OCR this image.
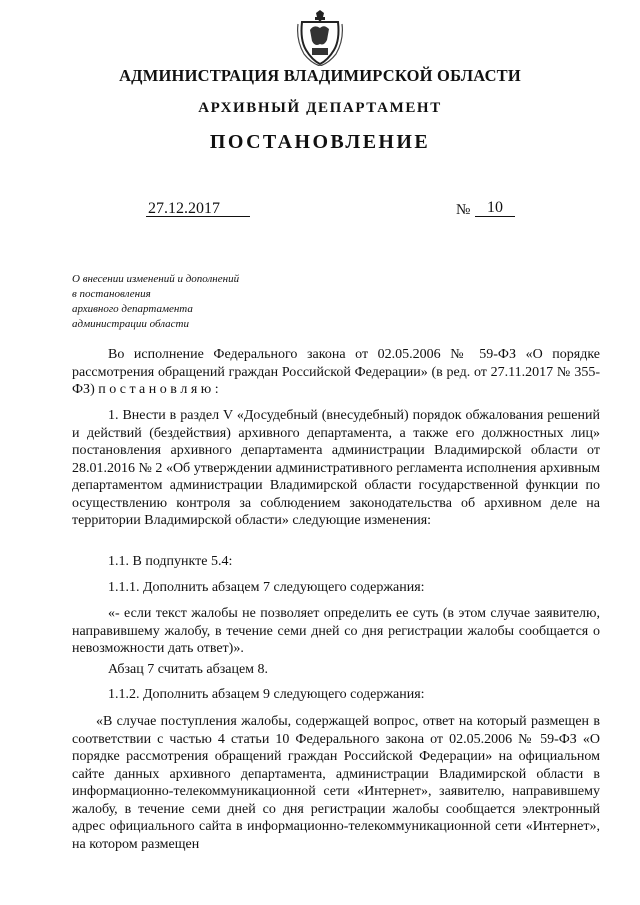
АДМИНИСТРАЦИЯ ВЛАДИМИРСКОЙ ОБЛАСТИ
АРХИВНЫЙ ДЕПАРТАМЕНТ
ПОСТАНОВЛЕНИЕ
27.12.2017	№	10
О внесении изменений и дополнений
в постановления
архивного департамента
администрации области

Во исполнение Федерального закона от 02.05.2006 № 59-ФЗ «О порядке рассмотрения обращений граждан Российской Федерации» (в ред. от 27.11.2017 № 355-ФЗ) п о с т а н о в л я ю :

1. Внести в раздел V «Досудебный (внесудебный) порядок обжалования решений и действий (бездействия) архивного департамента, а также его должностных лиц» постановления архивного департамента администрации Владимирской области от 28.01.2016 № 2 «Об утверждении административного регламента исполнения архивным департаментом администрации Владимирской области государственной функции по осуществлению контроля за соблюдением законодательства об архивном деле на территории Владимирской области» следующие изменения:

1.1. В подпункте 5.4:
1.1.1. Дополнить абзацем 7 следующего содержания:

«- если текст жалобы не позволяет определить ее суть (в этом случае заявителю, направившему жалобу, в течение семи дней со дня регистрации жалобы сообщается о невозможности дать ответ)».

Абзац 7 считать абзацем 8.
1.1.2. Дополнить абзацем 9 следующего содержания:

«В случае поступления жалобы, содержащей вопрос, ответ на который размещен в соответствии с частью 4 статьи 10 Федерального закона от 02.05.2006 № 59-ФЗ «О порядке рассмотрения обращений граждан Российской Федерации» на официальном сайте данных архивного департамента, администрации Владимирской области в информационно-телекоммуникационной сети «Интернет», заявителю, направившему жалобу, в течение семи дней со дня регистрации жалобы сообщается электронный адрес официального сайта в информационно-телекоммуникационной сети «Интернет», на котором размещен
